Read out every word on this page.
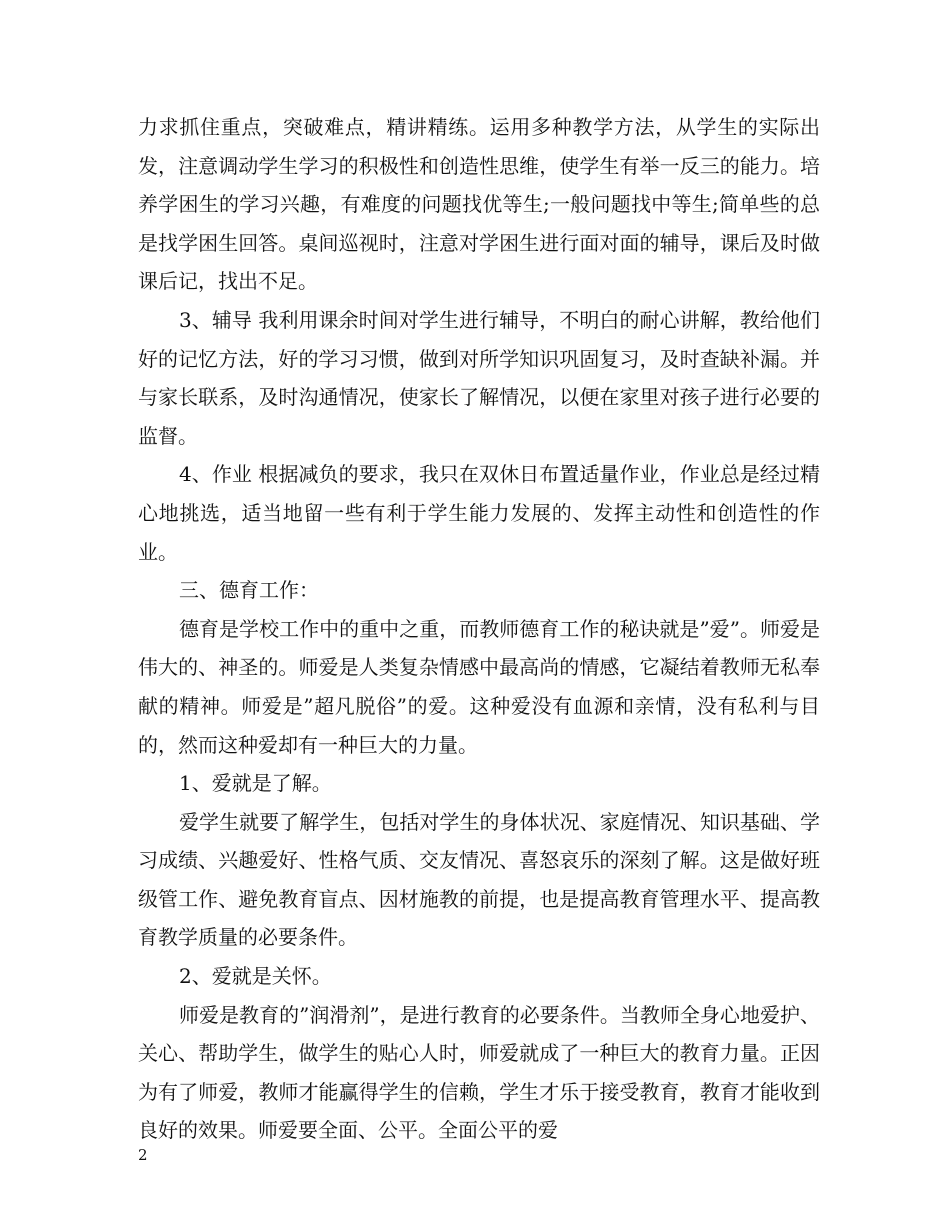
力求抓住重点，突破难点，精讲精练。运用多种教学方法，从学生的实际出发，注意调动学生学习的积极性和创造性思维，使学生有举一反三的能力。培养学困生的学习兴趣，有难度的问题找优等生;一般问题找中等生;简单些的总是找学困生回答。桌间巡视时，注意对学困生进行面对面的辅导，课后及时做课后记，找出不足。

3、辅导 我利用课余时间对学生进行辅导，不明白的耐心讲解，教给他们好的记忆方法，好的学习习惯，做到对所学知识巩固复习，及时查缺补漏。并与家长联系，及时沟通情况，使家长了解情况，以便在家里对孩子进行必要的监督。

4、作业 根据减负的要求，我只在双休日布置适量作业，作业总是经过精心地挑选，适当地留一些有利于学生能力发展的、发挥主动性和创造性的作业。

三、德育工作：

德育是学校工作中的重中之重，而教师德育工作的秘诀就是”爱”。师爱是伟大的、神圣的。师爱是人类复杂情感中最高尚的情感，它凝结着教师无私奉献的精神。师爱是”超凡脱俗”的爱。这种爱没有血源和亲情，没有私利与目的，然而这种爱却有一种巨大的力量。

1、爱就是了解。

爱学生就要了解学生，包括对学生的身体状况、家庭情况、知识基础、学习成绩、兴趣爱好、性格气质、交友情况、喜怒哀乐的深刻了解。这是做好班级管工作、避免教育盲点、因材施教的前提，也是提高教育管理水平、提高教育教学质量的必要条件。

2、爱就是关怀。

师爱是教育的”润滑剂”，是进行教育的必要条件。当教师全身心地爱护、关心、帮助学生，做学生的贴心人时，师爱就成了一种巨大的教育力量。正因为有了师爱，教师才能赢得学生的信赖，学生才乐于接受教育，教育才能收到良好的效果。师爱要全面、公平。全面公平的爱

2
